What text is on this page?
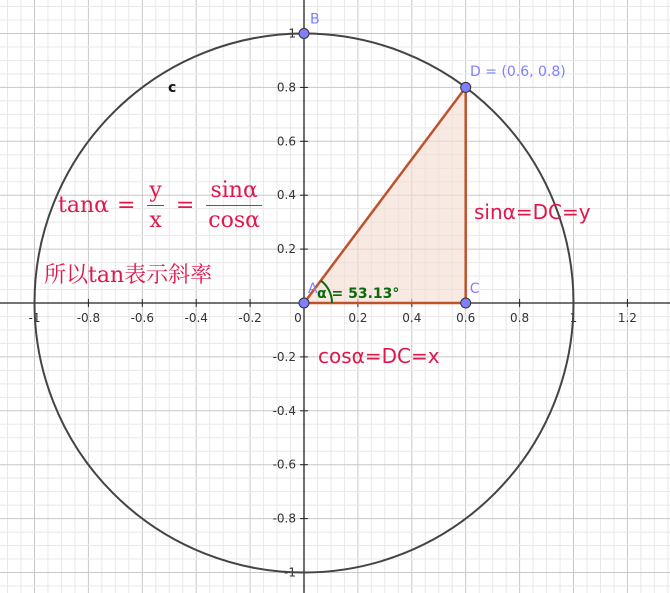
-1	-0.8	-0.6	-0.4	-0.2	0	0.2	0.4	0.6	0.8	1	1.2
1
0.8
0.6
0.4
0.2
-0.2
-0.4
-0.6
-0.8
-1
α = 53.13°
c
A
B
C
D = (0.6, 0.8)
$\tan\alpha = \frac{y}{x} = \frac{\sin\alpha}{\cos\alpha}$
所以tan表示斜率
sinα=DC=y
cosα=DC=x
